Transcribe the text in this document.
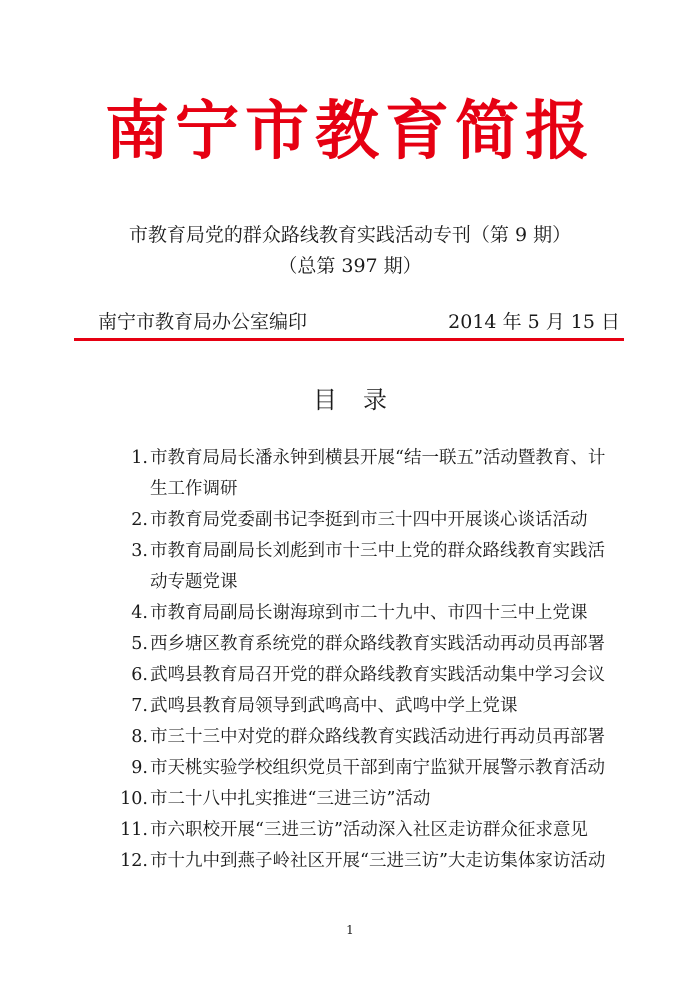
南宁市教育简报
市教育局党的群众路线教育实践活动专刊（第 9 期）
（总第 397 期）
南宁市教育局办公室编印	2014 年 5 月 15 日
目 录
1. 市教育局局长潘永钟到横县开展“结一联五”活动暨教育、计生工作调研
2. 市教育局党委副书记李挺到市三十四中开展谈心谈话活动
3. 市教育局副局长刘彪到市十三中上党的群众路线教育实践活动专题党课
4. 市教育局副局长谢海琼到市二十九中、市四十三中上党课
5. 西乡塘区教育系统党的群众路线教育实践活动再动员再部署
6. 武鸣县教育局召开党的群众路线教育实践活动集中学习会议
7. 武鸣县教育局领导到武鸣高中、武鸣中学上党课
8. 市三十三中对党的群众路线教育实践活动进行再动员再部署
9. 市天桃实验学校组织党员干部到南宁监狱开展警示教育活动
10. 市二十八中扎实推进“三进三访”活动
11. 市六职校开展“三进三访”活动深入社区走访群众征求意见
12. 市十九中到燕子岭社区开展“三进三访”大走访集体家访活动
1
